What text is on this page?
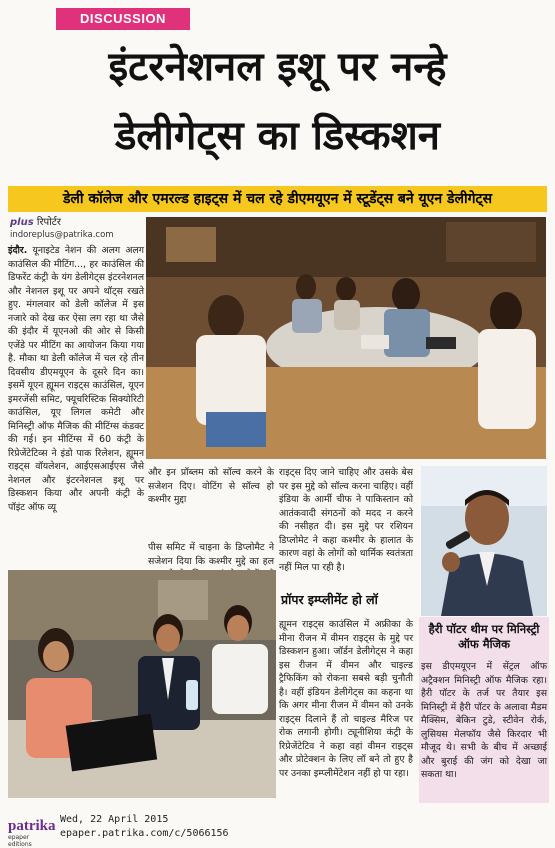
DISCUSSION
इंटरनेशनल इशू पर नन्हे
डेलीगेट्स का डिस्कशन
डेली कॉलेज और एमरल्ड हाइट्स में चल रहे डीएमयूएन में स्टूडेंट्स बने यूएन डेलीगेट्स
plus रिपोर्टर
indoreplus@patrika.com
इंदौर. यूनाइटेड नेशन की अलग अलग काउंसिल की मीटिंग..., हर काउंसिल की डिफरेंट कंट्री के यंग डेलीगेट्स इंटरनेशनल और नेशनल इशू पर अपने थॉट्स रखते हुए. मंगलवार को डेली कॉलेज में इस नजारे को देख कर ऐसा लग रहा था जैसे की इंदौर में यूएनओ की ओर से किसी एजेंडे पर मीटिंग का आयोजन किया गया है. मौका था डेली कॉलेज में चल रहे तीन दिवसीय डीएमयूएन के दूसरे दिन का। इसमें यूएन ह्यूमन राइट्स काउंसिल, यूएन इमरजेंसी समिट, फ्यूचरिस्टिक सिक्योरिटी काउंसिल, यूए लिगल कमेटी और मिनिस्ट्री ऑफ मैजिक की मीटिंग्स कंडक्ट की गई। इन मीटिंग्स में 60 कंट्री के रिप्रेजेंटेटिव्स ने इंडो पाक रिलेशन, ह्यूमन राइट्स वॉयलेशन, आईएसआईएस जैसे नेशनल और इंटरनेशनल इशू पर डिस्कशन किया और अपनी कंट्री के पॉइंट ऑफ व्यू
और इन प्रॉब्लम को सॉल्व करने के सजेशन दिए। वोटिंग से सॉल्व हो कश्मीर मुद्दा
पीस समिट में चाइना के डिप्लोमैट ने सजेशन दिया कि कश्मीर मुद्दे का हल
राइट्स दिए जाने चाहिए और उसके बेस पर इस मुद्दे को सॉल्व करना चाहिए। वहीं इंडिया के आर्मी चीफ ने पाकिस्तान को आतंकवादी संगठनों को मदद न करने की नसीहत दी। इस मुद्दे पर रशियन डिप्लोमेट ने कहा कश्मीर के हालात के कारण वहां के लोगों को धार्मिक स्वतंत्रता नहीं मिल पा रही है।
प्रॉपर इम्प्लीमेंट हो लॉ
ह्यूमन राइट्स काउंसिल में अफ्रीका के मीना रीजन में वीमन राइट्स के मुद्दे पर डिस्कशन हुआ। जॉर्डन डेलीगेट्स ने कहा इस रीजन में वीमन और चाइल्ड ट्रैफिकिंग को रोकना सबसे बड़ी चुनौती है। वहीं इंडियन डेलीगेट्स का कहना था कि अगर मीना रीजन में वीमन को उनके राइट्स दिलाने हैं तो चाइल्ड मैरिज पर रोक लगानी होगी। ट्यूनीशिया कंट्री के रिप्रेजेंटेटिव ने कहा वहां वीमन राइट्स और प्रोटेक्शन के लिए लॉ बने तो हुए है पर उनका इम्प्लीमेंटेशन नहीं हो पा रहा।
हैरी पॉटर थीम पर मिनिस्ट्री ऑफ मैजिक
इस डीएमयूएन में सेंट्रल ऑफ अट्रैक्शन मिनिस्ट्री ऑफ मैजिक रहा। हैरी पॉटर के तर्ज पर तैयार इस मिनिस्ट्री में हैरी पॉटर के अलावा मैडम मैक्सिम, बेकिन टुडे, स्टीवेन रोर्क, लुसियस मेलफॉय जैसे किरदार भी मौजूद थे। सभी के बीच में अच्छाई और बुराई की जंग को देखा जा सकता था।
patrika
epaper editions
Wed, 22 April 2015
epaper.patrika.com/c/5066156
